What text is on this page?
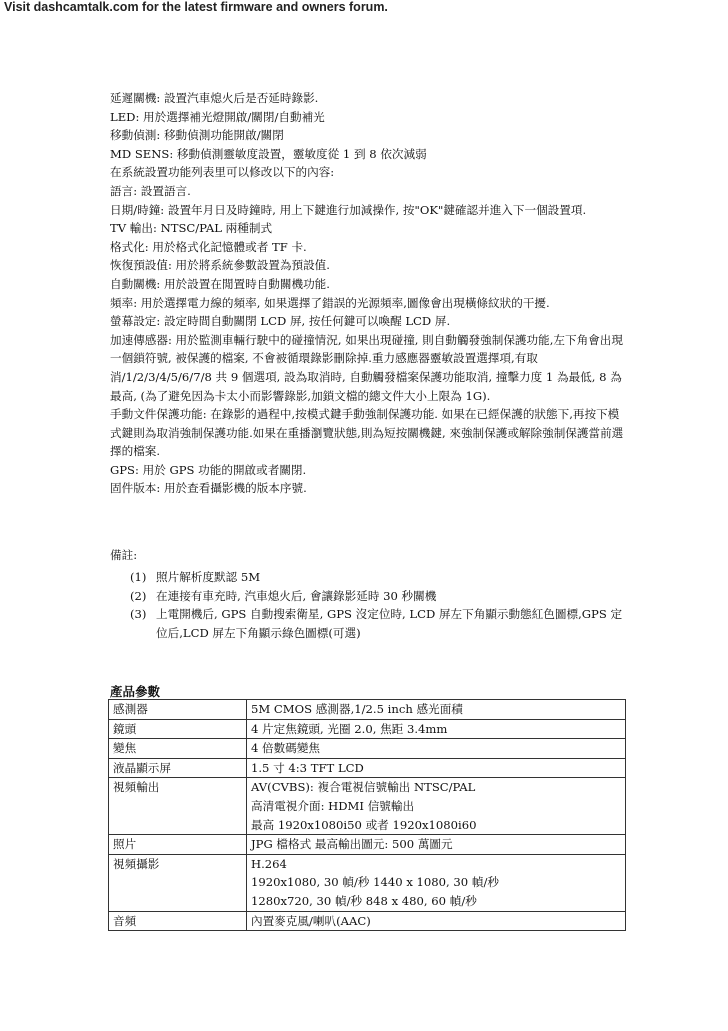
Visit dashcamtalk.com for the latest firmware and owners forum.

延遲關機: 設置汽車熄火后是否延時錄影.

LED: 用於選擇補光燈開啟/關閉/自動補光

移動偵測: 移動偵測功能開啟/關閉

MD SENS: 移動偵測靈敏度設置，靈敏度從 1 到 8 依次減弱

在系統設置功能列表里可以修改以下的內容:

語言: 設置語言.

日期/時鐘: 設置年月日及時鐘時, 用上下鍵進行加減操作, 按"OK"鍵確認并進入下一個設置項.

TV 輸出: NTSC/PAL 兩種制式

格式化: 用於格式化記憶體或者 TF 卡.

恢復預設值: 用於將系統參數設置為預設值.

自動關機: 用於設置在閒置時自動關機功能.

頻率: 用於選擇電力線的頻率, 如果選擇了錯誤的光源頻率,圖像會出現橫條紋狀的干擾.

螢幕設定: 設定時間自動關閉 LCD 屏, 按任何鍵可以喚醒 LCD 屏.

加速傳感器: 用於監測車輛行駛中的碰撞情況, 如果出現碰撞, 則自動觸發強制保護功能,左下角會出現一個鎖符號, 被保護的檔案, 不會被循環錄影刪除掉.重力感應器靈敏設置選擇項,有取消/1/2/3/4/5/6/7/8 共 9 個選項, 設為取消時, 自動觸發檔案保護功能取消, 撞擊力度 1 為最低, 8 為最高, (為了避免因為卡太小而影響錄影,加鎖文檔的總文件大小上限為 1G).

手動文件保護功能: 在錄影的過程中,按模式鍵手動強制保護功能. 如果在已經保護的狀態下,再按下模式鍵則為取消強制保護功能.如果在重播瀏覽狀態,則為短按關機鍵, 來強制保護或解除強制保護當前選擇的檔案.

GPS: 用於 GPS 功能的開啟或者關閉.

固件版本: 用於查看攝影機的版本序號.

備註:
(1) 照片解析度默認 5M
(2) 在連接有車充時, 汽車熄火后, 會讓錄影延時 30 秒關機
(3) 上電開機后, GPS 自動搜索衛星, GPS 沒定位時, LCD 屏左下角顯示動態紅色圖標,GPS 定位后,LCD 屏左下角顯示綠色圖標(可選)
產品參數
感測器	5M CMOS 感測器,1/2.5 inch 感光面積

鏡頭	4 片定焦鏡頭, 光圈 2.0, 焦距 3.4mm

變焦	4 倍數碼變焦

液晶顯示屏	1.5 寸 4:3 TFT LCD

視頻輸出	AV(CVBS): 複合電視信號輸出 NTSC/PAL
高清電視介面: HDMI 信號輸出
最高 1920x1080i50 或者 1920x1080i60

照片	JPG 檔格式 最高輸出圖元: 500 萬圖元

視頻攝影	H.264
1920x1080, 30 幀/秒 1440 x 1080, 30 幀/秒
1280x720, 30 幀/秒 848 x 480, 60 幀/秒

音頻	內置麥克風/喇叭(AAC)
